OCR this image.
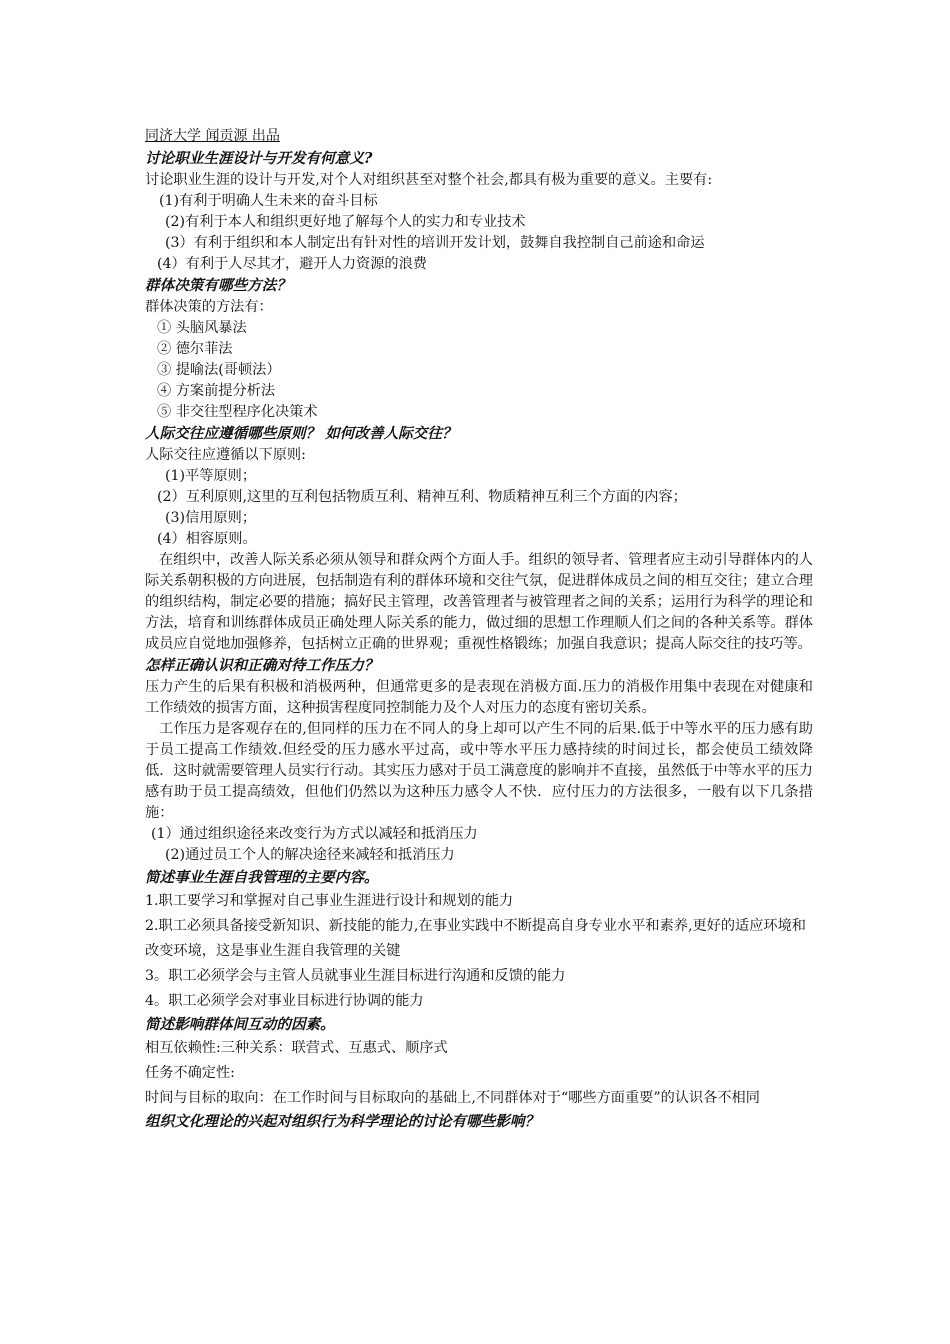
同济大学 闻贡源 出品
讨论职业生涯设计与开发有何意义?

讨论职业生涯的设计与开发,对个人对组织甚至对整个社会,都具有极为重要的意义。主要有:

(1)有利于明确人生未来的奋斗目标

(2)有利于本人和组织更好地了解每个人的实力和专业技术

(3）有利于组织和本人制定出有针对性的培训开发计划，鼓舞自我控制自己前途和命运

(4）有利于人尽其才，避开人力资源的浪费

群体决策有哪些方法？

群体决策的方法有：

① 头脑风暴法

② 德尔菲法

③ 提喻法(哥顿法）

④ 方案前提分析法

⑤ 非交往型程序化决策术

人际交往应遵循哪些原则？ 如何改善人际交往？

人际交往应遵循以下原则:

(1)平等原则；

(2）互利原则,这里的互利包括物质互利、精神互利、物质精神互利三个方面的内容；

(3)信用原则；

(4）相容原则。

在组织中，改善人际关系必须从领导和群众两个方面人手。组织的领导者、管理者应主动引导群体内的人际关系朝积极的方向进展，包括制造有利的群体环境和交往气氛，促进群体成员之间的相互交往；建立合理的组织结构，制定必要的措施；搞好民主管理，改善管理者与被管理者之间的关系；运用行为科学的理论和方法，培育和训练群体成员正确处理人际关系的能力，做过细的思想工作理顺人们之间的各种关系等。群体成员应自觉地加强修养，包括树立正确的世界观；重视性格锻练；加强自我意识；提高人际交往的技巧等。

怎样正确认识和正确对待工作压力？

压力产生的后果有积极和消极两种，但通常更多的是表现在消极方面.压力的消极作用集中表现在对健康和工作绩效的损害方面，这种损害程度同控制能力及个人对压力的态度有密切关系。

工作压力是客观存在的,但同样的压力在不同人的身上却可以产生不同的后果.低于中等水平的压力感有助于员工提高工作绩效.但经受的压力感水平过高，或中等水平压力感持续的时间过长，都会使员工绩效降低．这时就需要管理人员实行行动。其实压力感对于员工满意度的影响并不直接，虽然低于中等水平的压力感有助于员工提高绩效，但他们仍然以为这种压力感令人不快．应付压力的方法很多，一般有以下几条措施：

(1）通过组织途径来改变行为方式以减轻和抵消压力

(2)通过员工个人的解决途径来减轻和抵消压力

简述事业生涯自我管理的主要内容。

1.职工要学习和掌握对自己事业生涯进行设计和规划的能力

2.职工必须具备接受新知识、新技能的能力,在事业实践中不断提高自身专业水平和素养,更好的适应环境和改变环境，这是事业生涯自我管理的关键

3。职工必须学会与主管人员就事业生涯目标进行沟通和反馈的能力

4。职工必须学会对事业目标进行协调的能力

简述影响群体间互动的因素。

相互依赖性:三种关系：联营式、互惠式、顺序式

任务不确定性:

时间与目标的取向：在工作时间与目标取向的基础上,不同群体对于“哪些方面重要”的认识各不相同

组织文化理论的兴起对组织行为科学理论的讨论有哪些影响？
